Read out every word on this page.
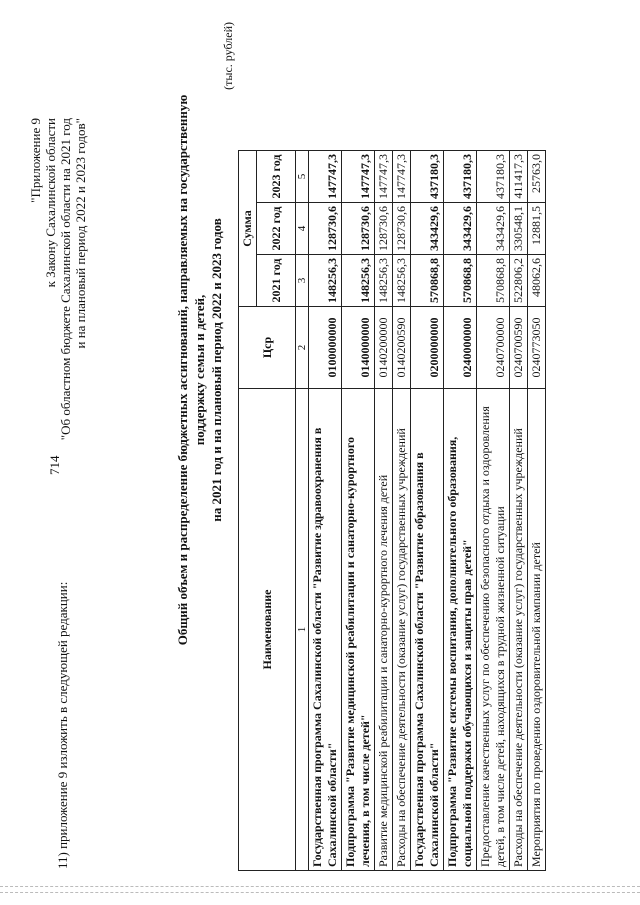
714
11) приложение 9 изложить в следующей редакции:
"Приложение 9 к Закону Сахалинской области "Об областном бюджете Сахалинской области на 2021 год и на плановый период 2022 и 2023 годов"	Общий объем и распределение бюджетных ассигнований, направляемых на государственную поддержку семьи и детей, на 2021 год и на плановый период 2022 и 2023 годов
(тыс. рублей)
Наименование	Цср	Сумма		
		2021 год	2022 год	2023 год
1	2	3	4	5
Государственная программа Сахалинской области "Развитие здравоохранения в Сахалинской области"	0100000000	148256,3	128730,6	147747,3
Подпрограмма "Развитие медицинской реабилитации и санаторно-курортного лечения, в том числе детей"	0140000000	148256,3	128730,6	147747,3
Развитие медицинской реабилитации и санаторно-курортного лечения детей	0140200000	148256,3	128730,6	147747,3
Расходы на обеспечение деятельности (оказание услуг) государственных учреждений	0140200590	148256,3	128730,6	147747,3
Государственная программа Сахалинской области "Развитие образования в Сахалинской области"	0200000000	570868,8	343429,6	437180,3
Подпрограмма "Развитие системы воспитания, дополнительного образования, социальной поддержки обучающихся и защиты прав детей"	0240000000	570868,8	343429,6	437180,3
Предоставление качественных услуг по обеспечению безопасного отдыха и оздоровления детей, в том числе детей, находящихся в трудной жизненной ситуации	0240700000	570868,8	343429,6	437180,3
Расходы на обеспечение деятельности (оказание услуг) государственных учреждений	0240700590	522806,2	330548,1	411417,3
Мероприятия по проведению оздоровительной кампании детей	0240773050	48062,6	12881,5	25763,0
